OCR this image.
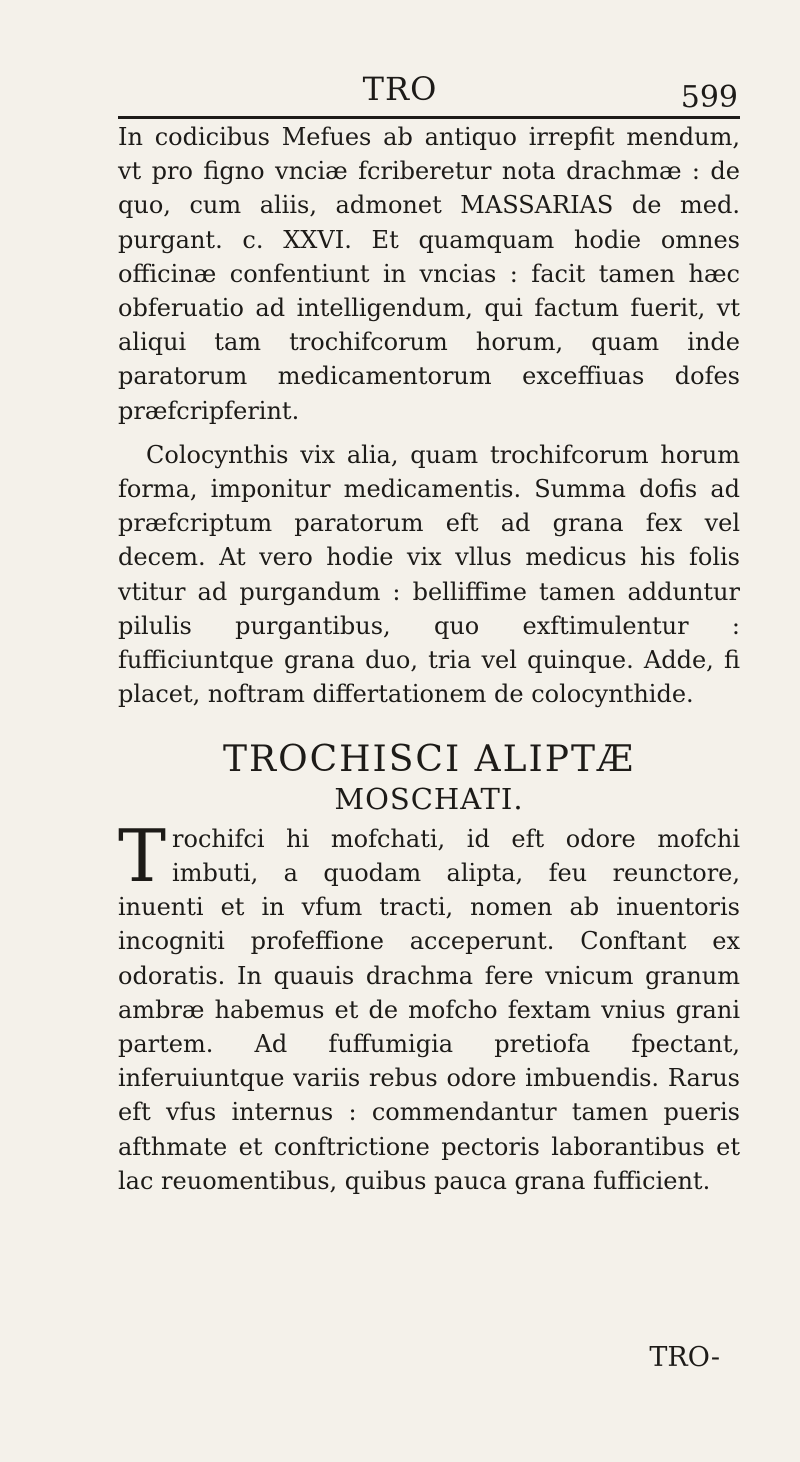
TRO	599

In codicibus Mefues ab antiquo irrepfit mendum, vt pro figno vnciæ fcriberetur nota drachmæ : de quo, cum aliis, admonet MASSARIAS de med. purgant. c. XXVI. Et quamquam hodie omnes officinæ confentiunt in vncias : facit tamen hæc obferuatio ad intelligendum, qui factum fuerit, vt aliqui tam trochifcorum horum, quam inde paratorum medicamentorum exceffiuas dofes præfcripferint.

Colocynthis vix alia, quam trochifcorum horum forma, imponitur medicamentis. Summa dofis ad præfcriptum paratorum eft ad grana fex vel decem. At vero hodie vix vllus medicus his folis vtitur ad purgandum : belliffime tamen adduntur pilulis purgantibus, quo exftimulentur : fufficiuntque grana duo, tria vel quinque. Adde, fi placet, noftram differtationem de colocynthide.

TROCHISCI ALIPTÆ
MOSCHATI.

T rochifci hi mofchati, id eft odore mofchi imbuti, a quodam alipta, feu reunctore, inuenti et in vfum tracti, nomen ab inuentoris incogniti profeffione acceperunt. Conftant ex odoratis. In quauis drachma fere vnicum granum ambræ habemus et de mofcho fextam vnius grani partem. Ad fuffumigia pretiofa fpectant, inferuiuntque variis rebus odore imbuendis. Rarus eft vfus internus : commendantur tamen pueris afthmate et conftrictione pectoris laborantibus et lac reuomentibus, quibus pauca grana fufficient.

TRO-
